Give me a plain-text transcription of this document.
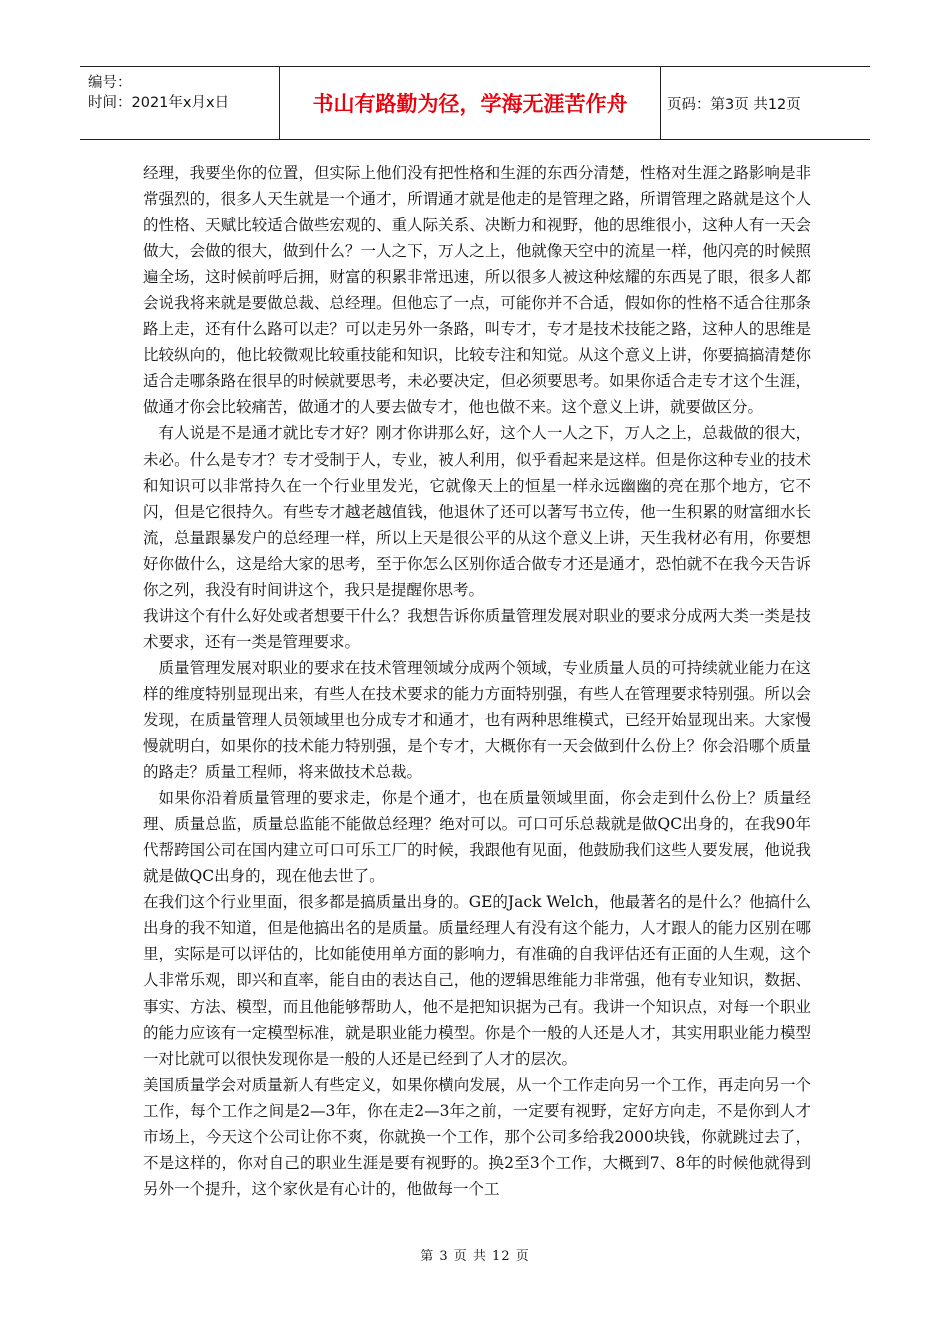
编号：
时间：2021年x月x日	书山有路勤为径，学海无涯苦作舟	页码：第3页 共12页

经理，我要坐你的位置，但实际上他们没有把性格和生涯的东西分清楚，性格对生涯之路影响是非常强烈的，很多人天生就是一个通才，所谓通才就是他走的是管理之路，所谓管理之路就是这个人的性格、天赋比较适合做些宏观的、重人际关系、决断力和视野，他的思维很小，这种人有一天会做大，会做的很大，做到什么？一人之下，万人之上，他就像天空中的流星一样，他闪亮的时候照遍全场，这时候前呼后拥，财富的积累非常迅速，所以很多人被这种炫耀的东西晃了眼，很多人都会说我将来就是要做总裁、总经理。但他忘了一点，可能你并不合适，假如你的性格不适合往那条路上走，还有什么路可以走？可以走另外一条路，叫专才，专才是技术技能之路，这种人的思维是比较纵向的，他比较微观比较重技能和知识，比较专注和知觉。从这个意义上讲，你要搞搞清楚你适合走哪条路在很早的时候就要思考，未必要决定，但必须要思考。如果你适合走专才这个生涯，做通才你会比较痛苦，做通才的人要去做专才，他也做不来。这个意义上讲，就要做区分。

有人说是不是通才就比专才好？刚才你讲那么好，这个人一人之下，万人之上，总裁做的很大，未必。什么是专才？专才受制于人，专业，被人利用，似乎看起来是这样。但是你这种专业的技术和知识可以非常持久在一个行业里发光，它就像天上的恒星一样永远幽幽的亮在那个地方，它不闪，但是它很持久。有些专才越老越值钱，他退休了还可以著写书立传，他一生积累的财富细水长流，总量跟暴发户的总经理一样，所以上天是很公平的从这个意义上讲，天生我材必有用，你要想好你做什么，这是给大家的思考，至于你怎么区别你适合做专才还是通才，恐怕就不在我今天告诉你之列，我没有时间讲这个，我只是提醒你思考。

我讲这个有什么好处或者想要干什么？我想告诉你质量管理发展对职业的要求分成两大类一类是技术要求，还有一类是管理要求。

质量管理发展对职业的要求在技术管理领域分成两个领域，专业质量人员的可持续就业能力在这样的维度特别显现出来，有些人在技术要求的能力方面特别强，有些人在管理要求特别强。所以会发现，在质量管理人员领域里也分成专才和通才，也有两种思维模式，已经开始显现出来。大家慢慢就明白，如果你的技术能力特别强，是个专才，大概你有一天会做到什么份上？你会沿哪个质量的路走？质量工程师，将来做技术总裁。

如果你沿着质量管理的要求走，你是个通才，也在质量领域里面，你会走到什么份上？质量经理、质量总监，质量总监能不能做总经理？绝对可以。可口可乐总裁就是做QC出身的，在我90年代帮跨国公司在国内建立可口可乐工厂的时候，我跟他有见面，他鼓励我们这些人要发展，他说我就是做QC出身的，现在他去世了。

在我们这个行业里面，很多都是搞质量出身的。GE的Jack Welch，他最著名的是什么？他搞什么出身的我不知道，但是他搞出名的是质量。质量经理人有没有这个能力，人才跟人的能力区别在哪里，实际是可以评估的，比如能使用单方面的影响力，有准确的自我评估还有正面的人生观，这个人非常乐观，即兴和直率，能自由的表达自己，他的逻辑思维能力非常强，他有专业知识，数据、事实、方法、模型，而且他能够帮助人，他不是把知识据为己有。我讲一个知识点，对每一个职业的能力应该有一定模型标准，就是职业能力模型。你是个一般的人还是人才，其实用职业能力模型一对比就可以很快发现你是一般的人还是已经到了人才的层次。

美国质量学会对质量新人有些定义，如果你横向发展，从一个工作走向另一个工作，再走向另一个工作，每个工作之间是2—3年，你在走2—3年之前，一定要有视野，定好方向走，不是你到人才市场上，今天这个公司让你不爽，你就换一个工作，那个公司多给我2000块钱，你就跳过去了，不是这样的，你对自己的职业生涯是要有视野的。换2至3个工作，大概到7、8年的时候他就得到另外一个提升，这个家伙是有心计的，他做每一个工

第 3 页 共 12 页
